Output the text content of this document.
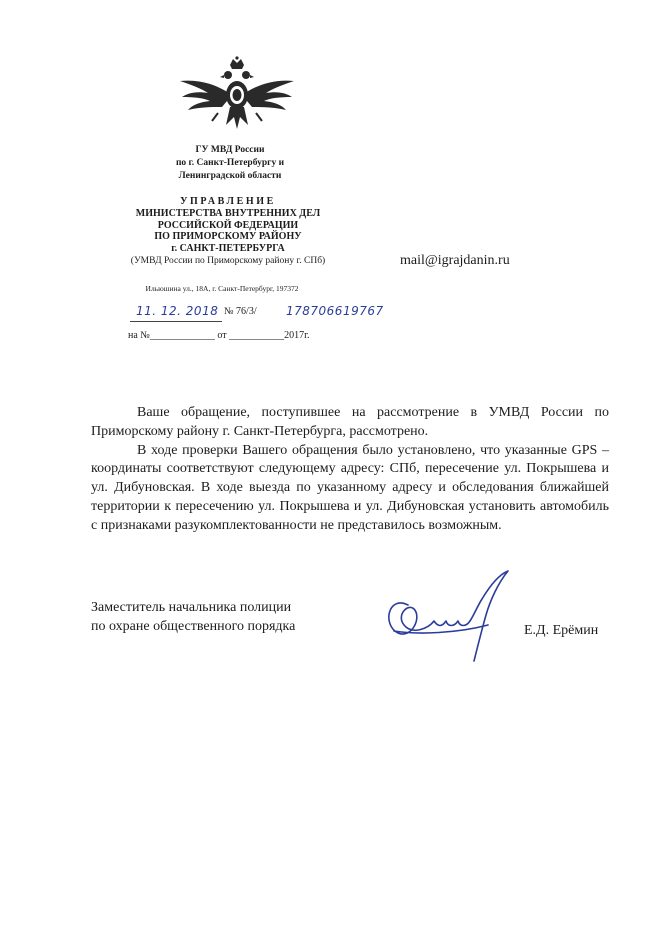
ГУ МВД России
по г. Санкт-Петербургу и
Ленинградской области
УПРАВЛЕНИЕ
МИНИСТЕРСТВА ВНУТРЕННИХ ДЕЛ
РОССИЙСКОЙ ФЕДЕРАЦИИ
ПО ПРИМОРСКОМУ РАЙОНУ
г. САНКТ-ПЕТЕРБУРГА
(УМВД России по Приморскому району г. СПб)
Ильюшина ул., 18А, г. Санкт-Петербург, 197372
11. 12. 2018 № 76/3/ 178706619767
на №_____________ от ___________2017г.
mail@igrajdanin.ru

Ваше обращение, поступившее на рассмотрение в УМВД России по Приморскому району г. Санкт-Петербурга, рассмотрено.

В ходе проверки Вашего обращения было установлено, что указанные GPS – координаты соответствуют следующему адресу: СПб, пересечение ул. Покрышева и ул. Дибуновская. В ходе выезда по указанному адресу и обследования ближайшей территории к пересечению ул. Покрышева и ул. Дибуновская установить автомобиль с признаками разукомплектованности не представилось возможным.

Заместитель начальника полиции
по охране общественного порядка	Е.Д. Ерёмин
